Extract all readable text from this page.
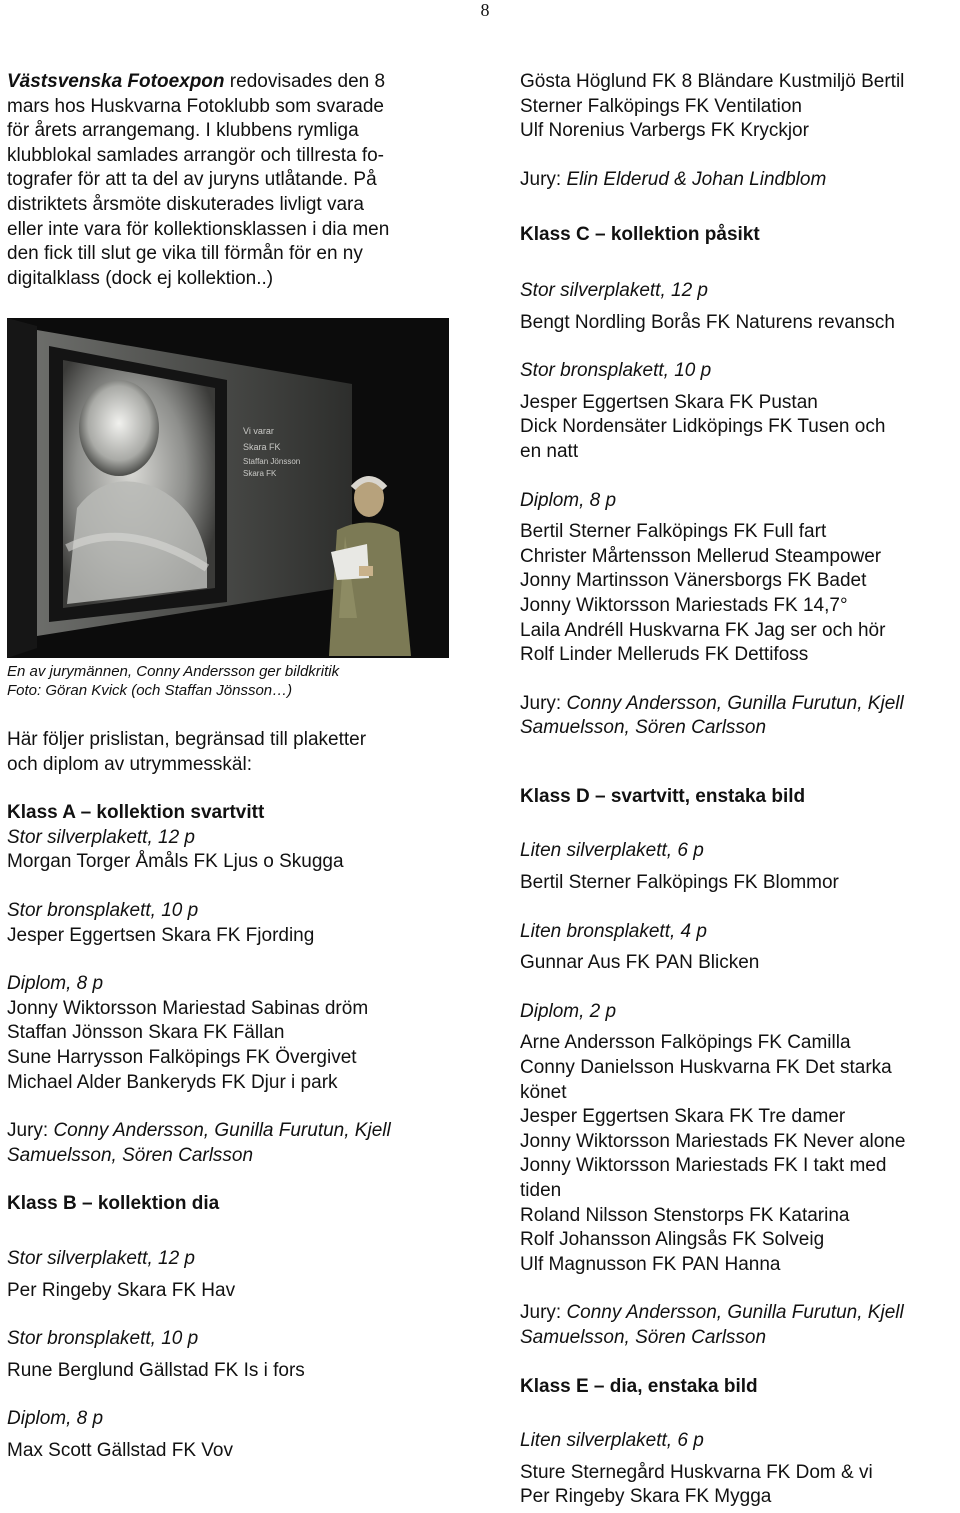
8

Västsvenska Fotoexpon redovisades den 8
mars hos Huskvarna Fotoklubb som svarade
för årets arrangemang. I klubbens rymliga
klubblokal samlades arrangör och tillresta fo-
tografer för att ta del av juryns utlåtande. På
distriktets årsmöte diskuterades livligt vara
eller inte vara för kollektionsklassen i dia men
den fick till slut ge vika till förmån för en ny
digitalklass (dock ej kollektion..)

Vi varar
Skara FK
Staffan Jönsson
Skara FK
En av jurymännen, Conny Andersson ger bildkritik
Foto: Göran Kvick (och Staffan Jönsson…)

Här följer prislistan, begränsad till plaketter
och diplom av utrymmesskäl:

Klass A – kollektion svartvitt

Stor silverplakett, 12 p

Morgan Torger Åmåls FK Ljus o Skugga

Stor bronsplakett, 10 p

Jesper Eggertsen Skara FK Fjording

Diplom, 8 p

Jonny Wiktorsson Mariestad Sabinas dröm

Staffan Jönsson Skara FK Fällan

Sune Harrysson Falköpings FK Övergivet

Michael Alder Bankeryds FK Djur i park

Jury: Conny Andersson, Gunilla Furutun, Kjell

Samuelsson, Sören Carlsson

Klass B – kollektion dia

Stor silverplakett, 12 p

Per Ringeby Skara FK Hav

Stor bronsplakett, 10 p

Rune Berglund Gällstad FK Is i fors

Diplom, 8 p

Max Scott Gällstad FK Vov

Gösta Höglund FK 8 Bländare Kustmiljö Bertil

Sterner Falköpings FK Ventilation

Ulf Norenius Varbergs FK Kryckjor

Jury: Elin Elderud & Johan Lindblom

Klass C – kollektion påsikt

Stor silverplakett, 12 p

Bengt Nordling Borås FK Naturens revansch

Stor bronsplakett, 10 p

Jesper Eggertsen Skara FK Pustan

Dick Nordensäter Lidköpings FK Tusen och

en natt

Diplom, 8 p

Bertil Sterner Falköpings FK Full fart

Christer Mårtensson Mellerud Steampower

Jonny Martinsson Vänersborgs FK Badet

Jonny Wiktorsson Mariestads FK 14,7°

Laila Andréll Huskvarna FK Jag ser och hör

Rolf Linder Melleruds FK Dettifoss

Jury: Conny Andersson, Gunilla Furutun, Kjell

Samuelsson, Sören Carlsson

Klass D – svartvitt, enstaka bild

Liten silverplakett, 6 p

Bertil Sterner Falköpings FK Blommor

Liten bronsplakett, 4 p

Gunnar Aus FK PAN Blicken

Diplom, 2 p

Arne Andersson Falköpings FK Camilla

Conny Danielsson Huskvarna FK Det starka

könet

Jesper Eggertsen Skara FK Tre damer

Jonny Wiktorsson Mariestads FK Never alone

Jonny Wiktorsson Mariestads FK I takt med

tiden

Roland Nilsson Stenstorps FK Katarina

Rolf Johansson Alingsås FK Solveig

Ulf Magnusson FK PAN Hanna

Jury: Conny Andersson, Gunilla Furutun, Kjell

Samuelsson, Sören Carlsson

Klass E – dia, enstaka bild

Liten silverplakett, 6 p

Sture Sternegård Huskvarna FK Dom & vi

Per Ringeby Skara FK Mygga
